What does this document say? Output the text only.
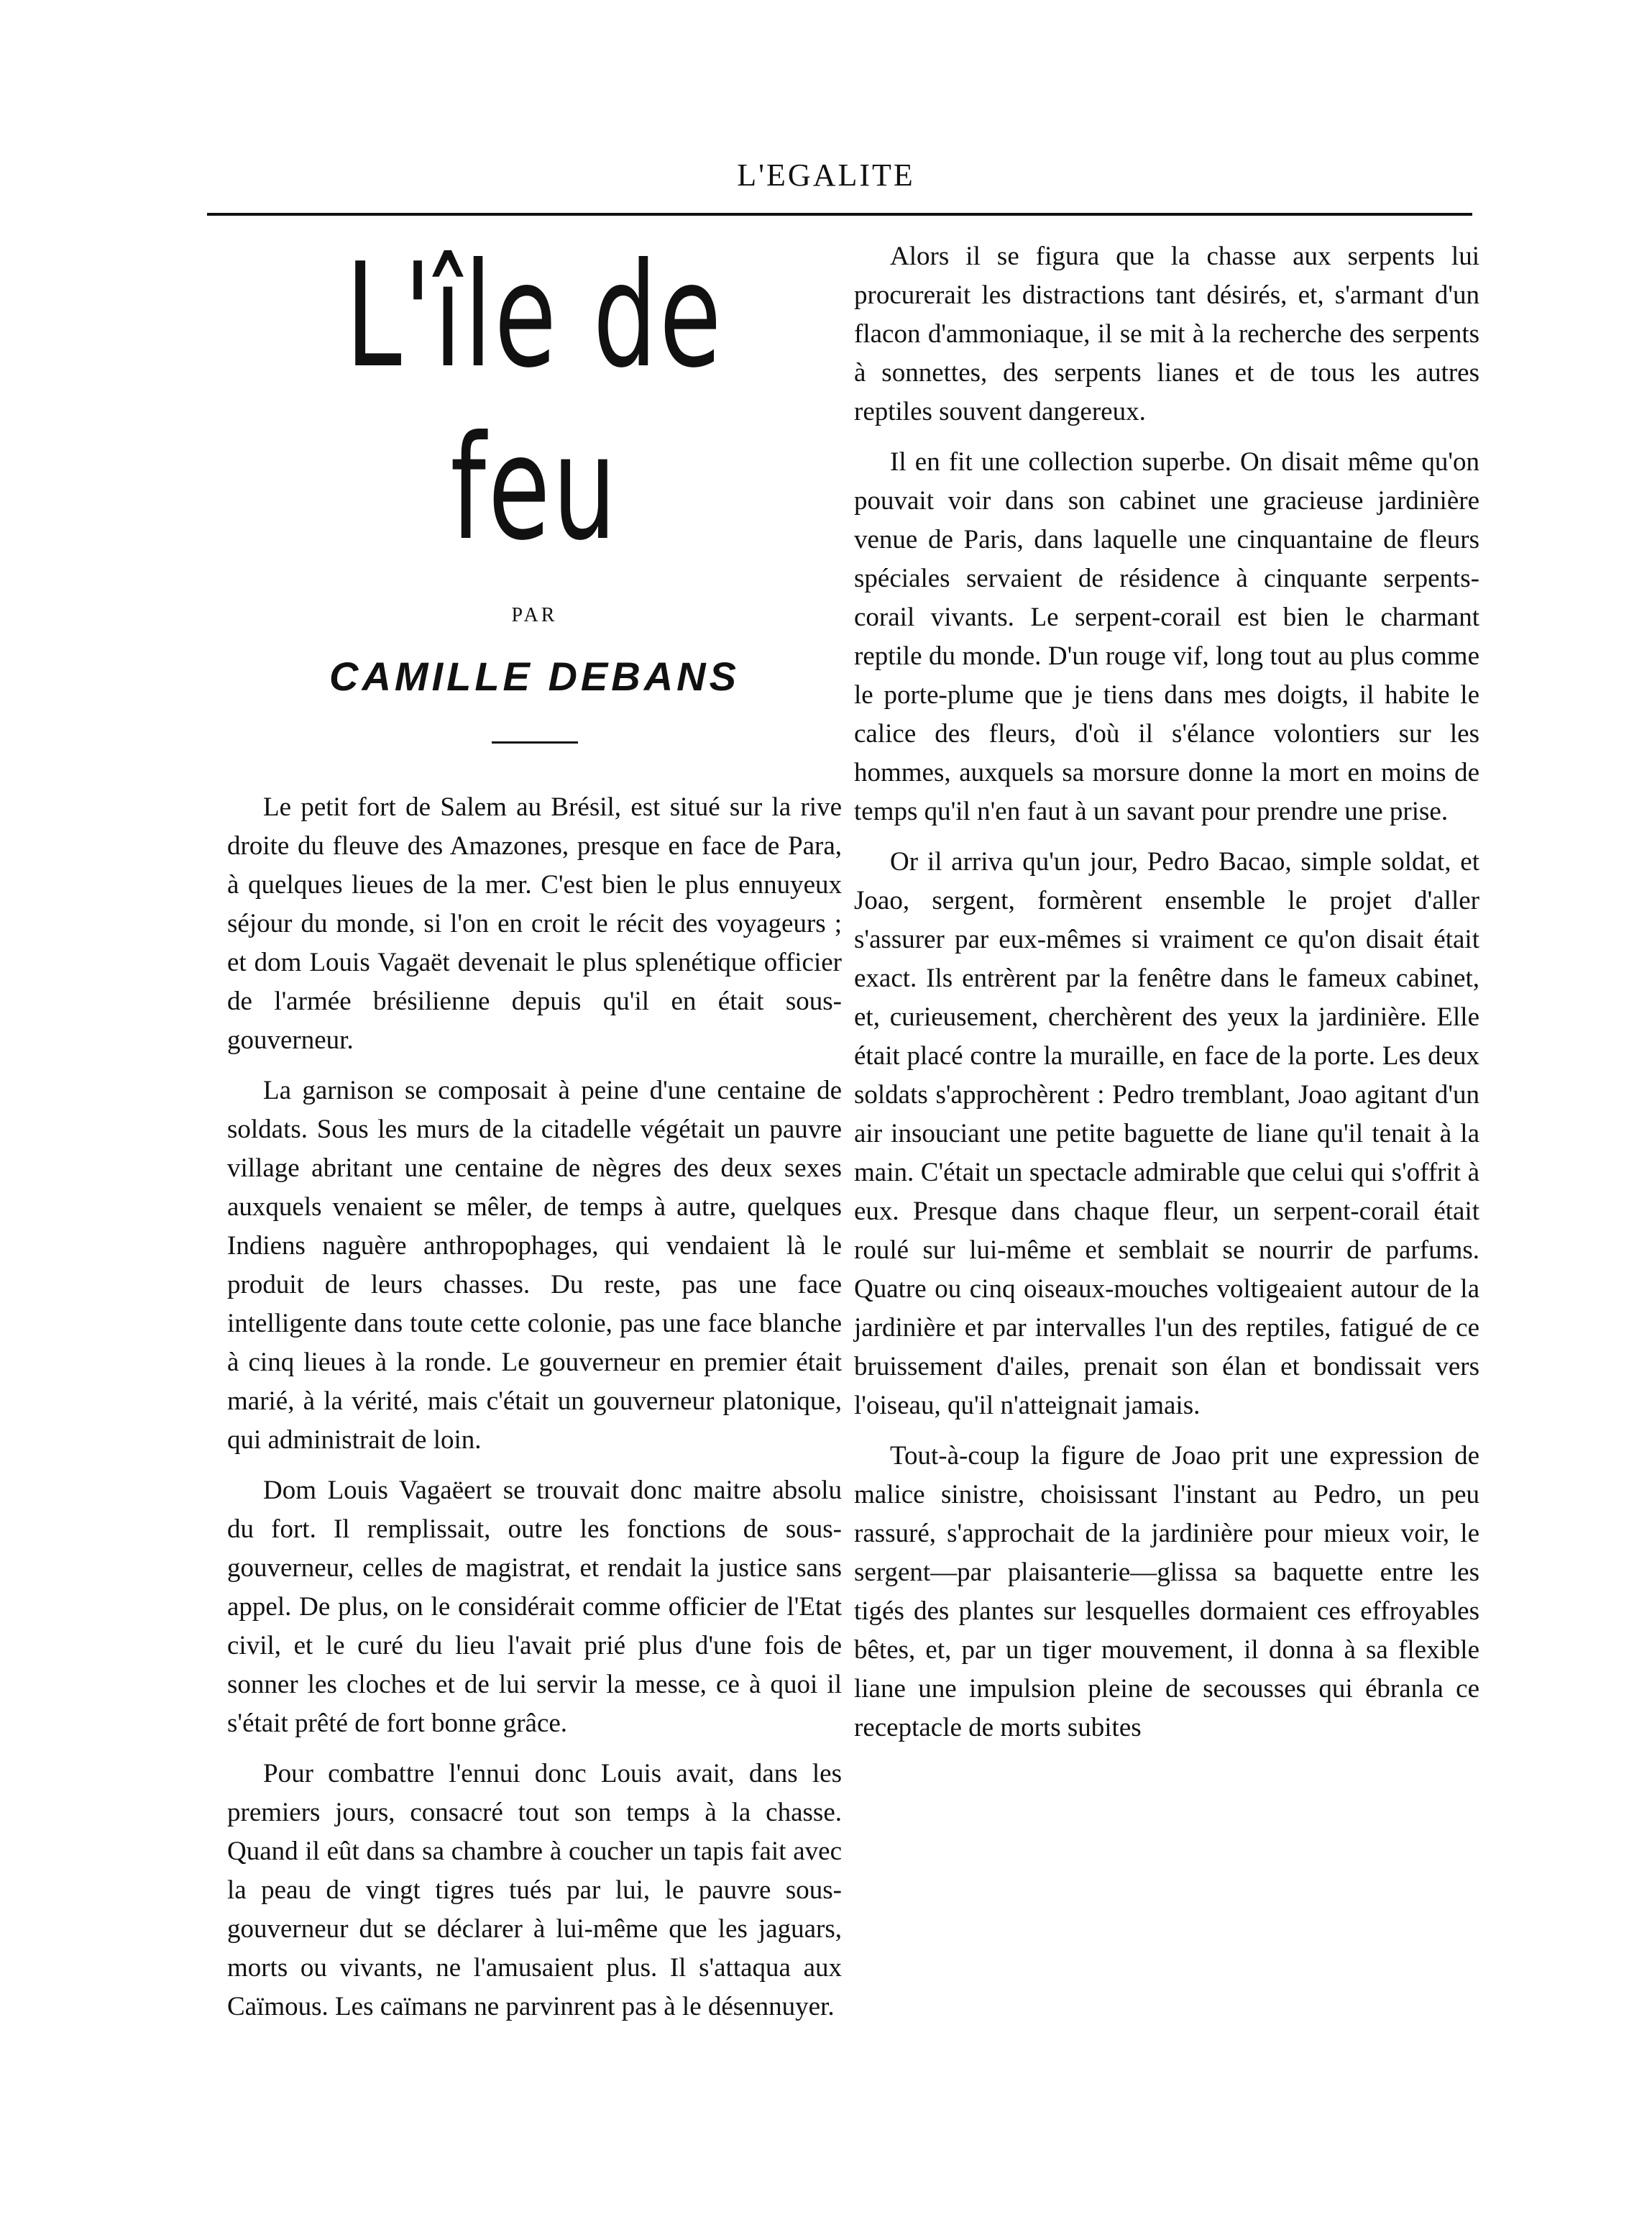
L'EGALITE
L'île de feu
PAR
CAMILLE DEBANS

Le petit fort de Salem au Brésil, est situé sur la rive droite du fleuve des Amazones, presque en face de Para, à quelques lieues de la mer. C'est bien le plus ennuyeux séjour du monde, si l'on en croit le récit des voyageurs ; et dom Louis Vagaët devenait le plus splenétique officier de l'armée brésilienne depuis qu'il en était sous-gouverneur.

La garnison se composait à peine d'une centaine de soldats. Sous les murs de la citadelle végétait un pauvre village abritant une centaine de nègres des deux sexes auxquels venaient se mêler, de temps à autre, quelques Indiens naguère anthropophages, qui vendaient là le produit de leurs chasses. Du reste, pas une face intelligente dans toute cette colonie, pas une face blanche à cinq lieues à la ronde. Le gouverneur en premier était marié, à la vérité, mais c'était un gouverneur platonique, qui administrait de loin.

Dom Louis Vagaëert se trouvait donc maitre absolu du fort. Il remplissait, outre les fonctions de sous-gouverneur, celles de magistrat, et rendait la justice sans appel. De plus, on le considérait comme officier de l'Etat civil, et le curé du lieu l'avait prié plus d'une fois de sonner les cloches et de lui servir la messe, ce à quoi il s'était prêté de fort bonne grâce.

Pour combattre l'ennui donc Louis avait, dans les premiers jours, consacré tout son temps à la chasse. Quand il eût dans sa chambre à coucher un tapis fait avec la peau de vingt tigres tués par lui, le pauvre sous-gouverneur dut se déclarer à lui-même que les jaguars, morts ou vivants, ne l'amusaient plus. Il s'attaqua aux Caïmous. Les caïmans ne parvinrent pas à le désennuyer.

Alors il se figura que la chasse aux serpents lui procurerait les distractions tant désirés, et, s'armant d'un flacon d'ammoniaque, il se mit à la recherche des serpents à sonnettes, des serpents lianes et de tous les autres reptiles souvent dangereux.

Il en fit une collection superbe. On disait même qu'on pouvait voir dans son cabinet une gracieuse jardinière venue de Paris, dans laquelle une cinquantaine de fleurs spéciales servaient de résidence à cinquante serpents-corail vivants. Le serpent-corail est bien le charmant reptile du monde. D'un rouge vif, long tout au plus comme le porte-plume que je tiens dans mes doigts, il habite le calice des fleurs, d'où il s'élance volontiers sur les hommes, auxquels sa morsure donne la mort en moins de temps qu'il n'en faut à un savant pour prendre une prise.

Or il arriva qu'un jour, Pedro Bacao, simple soldat, et Joao, sergent, formèrent ensemble le projet d'aller s'assurer par eux-mêmes si vraiment ce qu'on disait était exact. Ils entrèrent par la fenêtre dans le fameux cabinet, et, curieusement, cherchèrent des yeux la jardinière. Elle était placé contre la muraille, en face de la porte. Les deux soldats s'approchèrent : Pedro tremblant, Joao agitant d'un air insouciant une petite baguette de liane qu'il tenait à la main. C'était un spectacle admirable que celui qui s'offrit à eux. Presque dans chaque fleur, un serpent-corail était roulé sur lui-même et semblait se nourrir de parfums. Quatre ou cinq oiseaux-mouches voltigeaient autour de la jardinière et par intervalles l'un des reptiles, fatigué de ce bruissement d'ailes, prenait son élan et bondissait vers l'oiseau, qu'il n'atteignait jamais.

Tout-à-coup la figure de Joao prit une expression de malice sinistre, choisissant l'instant au Pedro, un peu rassuré, s'approchait de la jardinière pour mieux voir, le sergent—par plaisanterie—glissa sa baquette entre les tigés des plantes sur lesquelles dormaient ces effroyables bêtes, et, par un tiger mouvement, il donna à sa flexible liane une impulsion pleine de secousses qui ébranla ce receptacle de morts subites
